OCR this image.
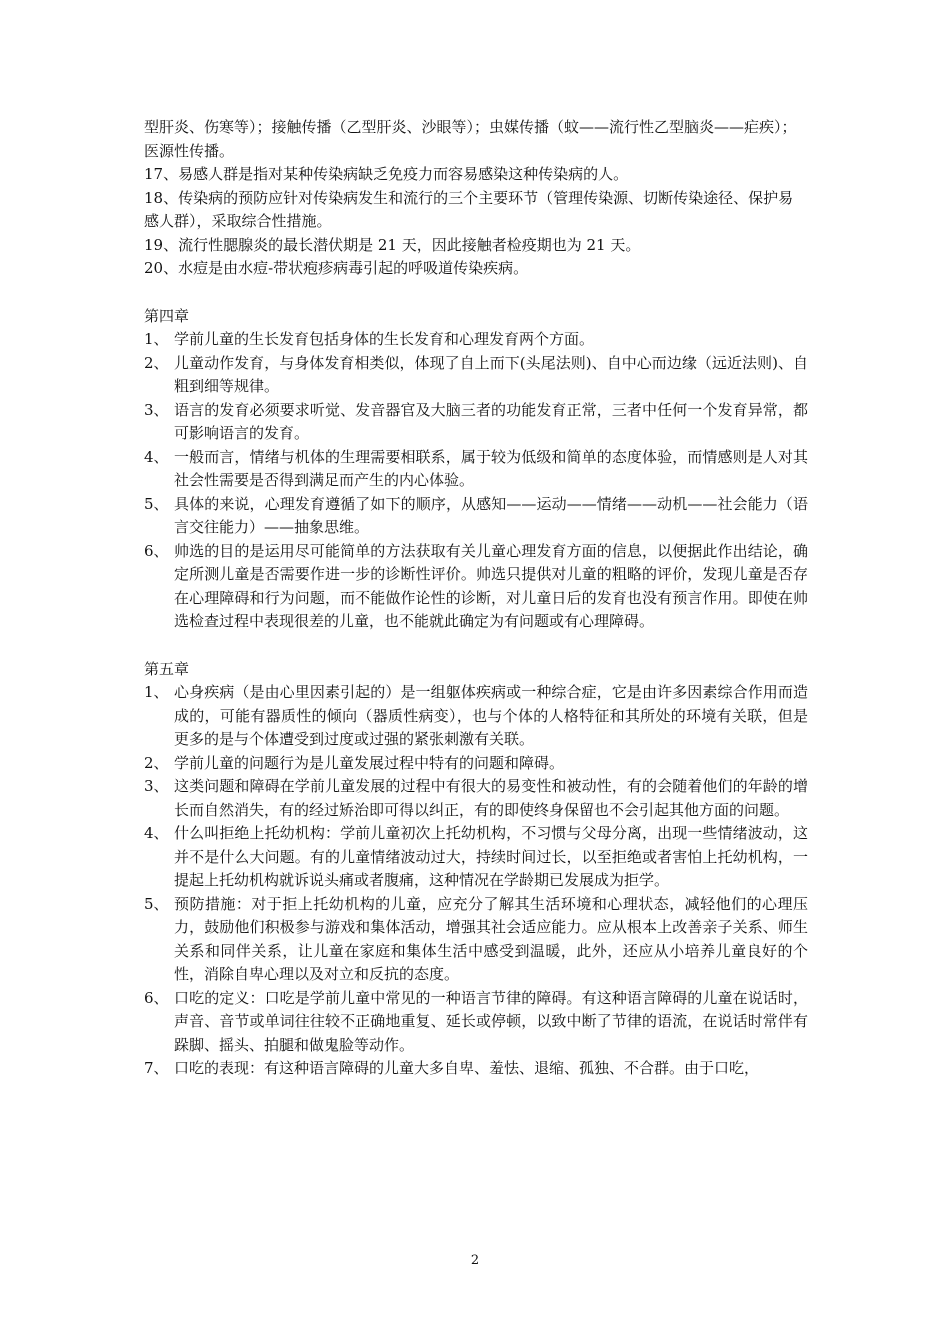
型肝炎、伤寒等）；接触传播（乙型肝炎、沙眼等）；虫媒传播（蚊——流行性乙型脑炎——疟疾）；医源性传播。

17、易感人群是指对某种传染病缺乏免疫力而容易感染这种传染病的人。

18、传染病的预防应针对传染病发生和流行的三个主要环节（管理传染源、切断传染途径、保护易感人群），采取综合性措施。

19、流行性腮腺炎的最长潜伏期是 21 天，因此接触者检疫期也为 21 天。

20、水痘是由水痘-带状疱疹病毒引起的呼吸道传染疾病。

第四章

1、 学前儿童的生长发育包括身体的生长发育和心理发育两个方面。
2、 儿童动作发育，与身体发育相类似，体现了自上而下(头尾法则)、自中心而边缘（远近法则)、自粗到细等规律。
3、 语言的发育必须要求听觉、发音器官及大脑三者的功能发育正常，三者中任何一个发育异常，都可影响语言的发育。
4、 一般而言，情绪与机体的生理需要相联系，属于较为低级和简单的态度体验，而情感则是人对其社会性需要是否得到满足而产生的内心体验。
5、 具体的来说，心理发育遵循了如下的顺序，从感知——运动——情绪——动机——社会能力（语言交往能力）——抽象思维。
6、 帅选的目的是运用尽可能简单的方法获取有关儿童心理发育方面的信息，以便据此作出结论，确定所测儿童是否需要作进一步的诊断性评价。帅选只提供对儿童的粗略的评价，发现儿童是否存在心理障碍和行为问题，而不能做作论性的诊断，对儿童日后的发育也没有预言作用。即使在帅选检查过程中表现很差的儿童，也不能就此确定为有问题或有心理障碍。

第五章

1、 心身疾病（是由心里因素引起的）是一组躯体疾病或一种综合症，它是由许多因素综合作用而造成的，可能有器质性的倾向（器质性病变），也与个体的人格特征和其所处的环境有关联，但是更多的是与个体遭受到过度或过强的紧张刺激有关联。
2、 学前儿童的问题行为是儿童发展过程中特有的问题和障碍。
3、 这类问题和障碍在学前儿童发展的过程中有很大的易变性和被动性，有的会随着他们的年龄的增长而自然消失，有的经过矫治即可得以纠正，有的即使终身保留也不会引起其他方面的问题。
4、 什么叫拒绝上托幼机构：学前儿童初次上托幼机构，不习惯与父母分离，出现一些情绪波动，这并不是什么大问题。有的儿童情绪波动过大，持续时间过长，以至拒绝或者害怕上托幼机构，一提起上托幼机构就诉说头痛或者腹痛，这种情况在学龄期已发展成为拒学。
5、 预防措施：对于拒上托幼机构的儿童，应充分了解其生活环境和心理状态，减轻他们的心理压力，鼓励他们积极参与游戏和集体活动，增强其社会适应能力。应从根本上改善亲子关系、师生关系和同伴关系，让儿童在家庭和集体生活中感受到温暖，此外，还应从小培养儿童良好的个性，消除自卑心理以及对立和反抗的态度。
6、 口吃的定义：口吃是学前儿童中常见的一种语言节律的障碍。有这种语言障碍的儿童在说话时，声音、音节或单词往往较不正确地重复、延长或停顿，以致中断了节律的语流，在说话时常伴有跺脚、摇头、拍腿和做鬼脸等动作。
7、 口吃的表现：有这种语言障碍的儿童大多自卑、羞怯、退缩、孤独、不合群。由于口吃，
2
